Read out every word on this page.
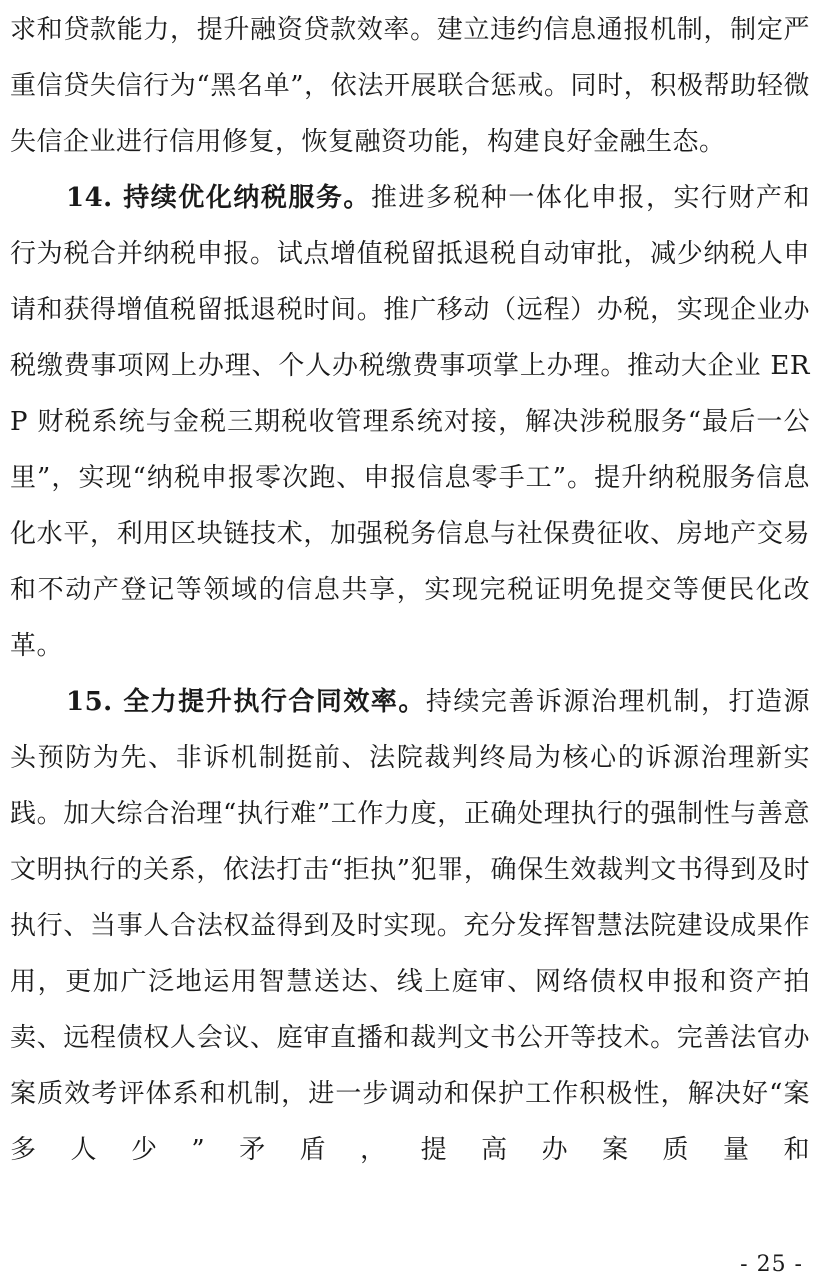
求和贷款能力，提升融资贷款效率。建立违约信息通报机制，制定严重信贷失信行为“黑名单”，依法开展联合惩戒。同时，积极帮助轻微失信企业进行信用修复，恢复融资功能，构建良好金融生态。

14. 持续优化纳税服务。推进多税种一体化申报，实行财产和行为税合并纳税申报。试点增值税留抵退税自动审批，减少纳税人申请和获得增值税留抵退税时间。推广移动（远程）办税，实现企业办税缴费事项网上办理、个人办税缴费事项掌上办理。推动大企业 ERP 财税系统与金税三期税收管理系统对接，解决涉税服务“最后一公里”，实现“纳税申报零次跑、申报信息零手工”。提升纳税服务信息化水平，利用区块链技术，加强税务信息与社保费征收、房地产交易和不动产登记等领域的信息共享，实现完税证明免提交等便民化改革。

15. 全力提升执行合同效率。持续完善诉源治理机制，打造源头预防为先、非诉机制挺前、法院裁判终局为核心的诉源治理新实践。加大综合治理“执行难”工作力度，正确处理执行的强制性与善意文明执行的关系，依法打击“拒执”犯罪，确保生效裁判文书得到及时执行、当事人合法权益得到及时实现。充分发挥智慧法院建设成果作用，更加广泛地运用智慧送达、线上庭审、网络债权申报和资产拍卖、远程债权人会议、庭审直播和裁判文书公开等技术。完善法官办案质效考评体系和机制，进一步调动和保护工作积极性，解决好“案多人少”矛盾，提高办案质量和

- 25 -
